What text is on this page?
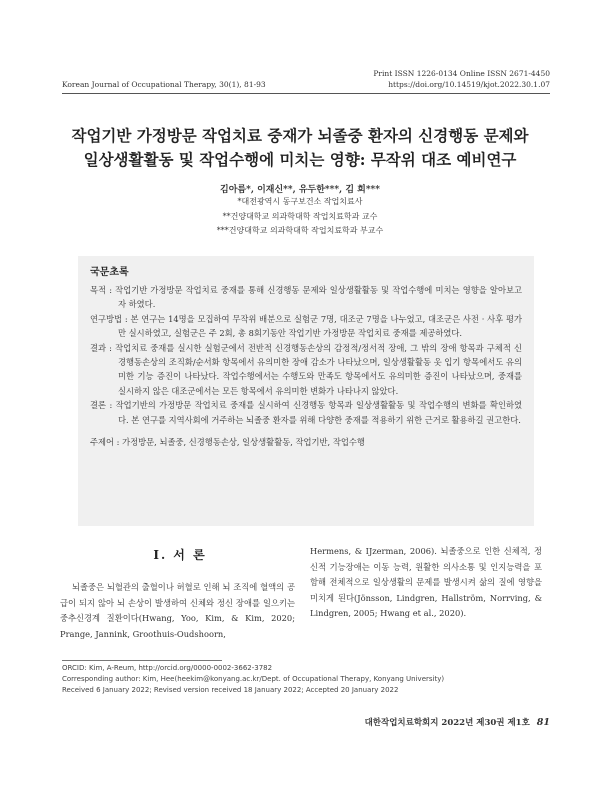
Print ISSN 1226-0134 Online ISSN 2671-4450
https://doi.org/10.14519/kjot.2022.30.1.07
Korean Journal of Occupational Therapy, 30(1), 81-93
작업기반 가정방문 작업치료 중재가 뇌졸중 환자의 신경행동 문제와
일상생활활동 및 작업수행에 미치는 영향: 무작위 대조 예비연구
김아름*, 이재신**, 유두한***, 김 희***
*대전광역시 동구보건소 작업치료사
**건양대학교 의과학대학 작업치료학과 교수
***건양대학교 의과학대학 작업치료학과 부교수
국문초록
목적 : 작업기반 가정방문 작업치료 중재를 통해 신경행동 문제와 일상생활활동 및 작업수행에 미치는 영향을 알아보고자 하였다.
연구방법 : 본 연구는 14명을 모집하여 무작위 배분으로 실험군 7명, 대조군 7명을 나누었고, 대조군은 사전 · 사후 평가만 실시하였고, 실험군은 주 2회, 총 8회기동안 작업기반 가정방문 작업치료 중재를 제공하였다.
결과 : 작업치료 중재를 실시한 실험군에서 전반적 신경행동손상의 감정적/정서적 장애, 그 밖의 장애 항목과 구체적 신경행동손상의 조직화/순서화 항목에서 유의미한 장애 감소가 나타났으며, 일상생활활동 옷 입기 항목에서도 유의미한 기능 증진이 나타났다. 작업수행에서는 수행도와 만족도 항목에서도 유의미한 증진이 나타났으며, 중재를 실시하지 않은 대조군에서는 모든 항목에서 유의미한 변화가 나타나지 않았다.
결론 : 작업기반의 가정방문 작업치료 중재를 실시하여 신경행동 항목과 일상생활활동 및 작업수행의 변화를 확인하였다. 본 연구를 지역사회에 거주하는 뇌졸중 환자를 위해 다양한 중재를 적용하기 위한 근거로 활용하길 권고한다.
주제어 : 가정방문, 뇌졸중, 신경행동손상, 일상생활활동, 작업기반, 작업수행
Ⅰ. 서 론
뇌졸중은 뇌혈관의 출혈이나 허혈로 인해 뇌 조직에 혈액의 공급이 되지 않아 뇌 손상이 발생하여 신체와 정신 장애를 일으키는 중추신경계 질환이다(Hwang, Yoo, Kim, & Kim, 2020; Prange, Jannink, Groothuis-Oudshoorn,
Hermens, & IJzerman, 2006). 뇌졸중으로 인한 신체적, 정신적 기능장애는 이동 능력, 원활한 의사소통 및 인지능력을 포함해 전체적으로 일상생활의 문제를 발생시켜 삶의 질에 영향을 미치게 된다(Jönsson, Lindgren, Hallström, Norrving, & Lindgren, 2005; Hwang et al., 2020).
ORCID: Kim, A-Reum, http://orcid.org/0000-0002-3662-3782
Corresponding author: Kim, Hee(heekim@konyang.ac.kr/Dept. of Occupational Therapy, Konyang University)
Received 6 January 2022; Revised version received 18 January 2022; Accepted 20 January 2022
대한작업치료학회지 2022년 제30권 제1호 81
